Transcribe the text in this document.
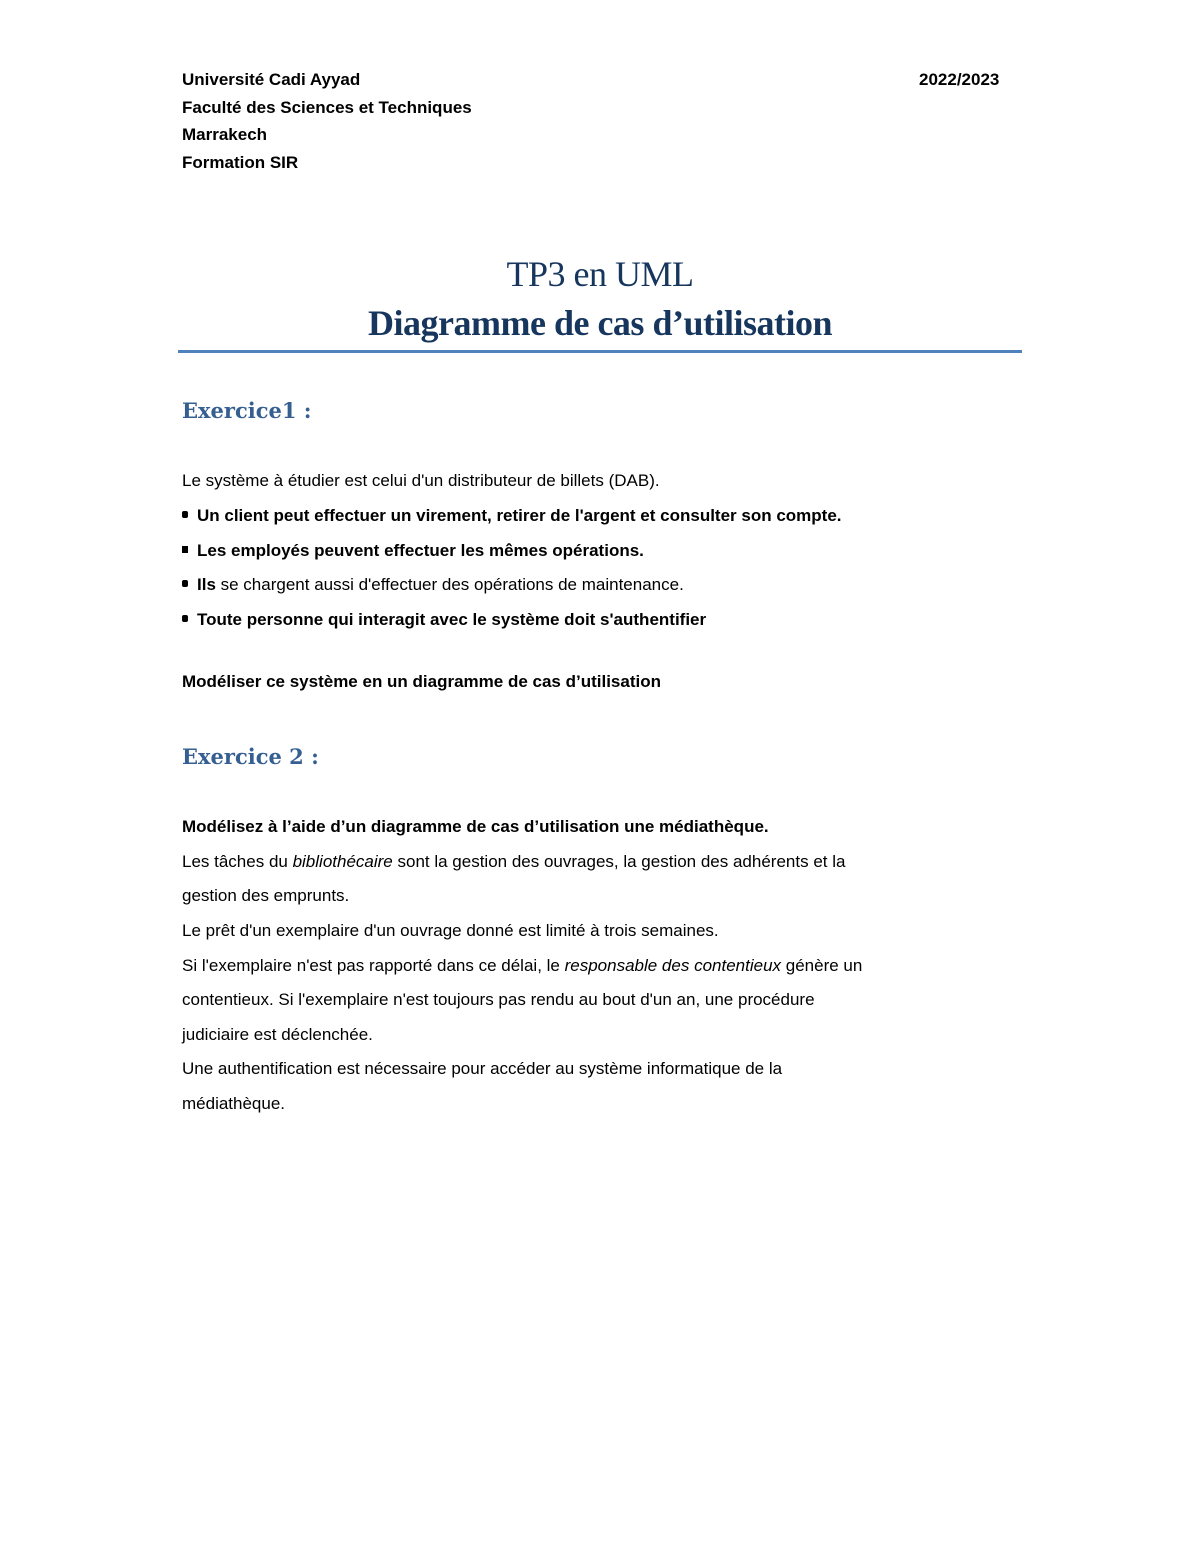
Université Cadi Ayyad
Faculté des Sciences et Techniques
Marrakech
Formation SIR
2022/2023
TP3 en UML
Diagramme de cas d’utilisation
Exercice1 :
Le système à étudier est celui d'un distributeur de billets (DAB).
Un client peut effectuer un virement, retirer de l'argent et consulter son compte.
Les employés peuvent effectuer les mêmes opérations.
Ils se chargent aussi d'effectuer des opérations de maintenance.
Toute personne qui interagit avec le système doit s'authentifier
Modéliser ce système en un diagramme de cas d’utilisation
Exercice 2 :
Modélisez à l’aide d’un diagramme de cas d’utilisation une médiathèque.
Les tâches du bibliothécaire sont la gestion des ouvrages, la gestion des adhérents et la
gestion des emprunts.
Le prêt d'un exemplaire d'un ouvrage donné est limité à trois semaines.
Si l'exemplaire n'est pas rapporté dans ce délai, le responsable des contentieux génère un
contentieux. Si l'exemplaire n'est toujours pas rendu au bout d'un an, une procédure
judiciaire est déclenchée.
Une authentification est nécessaire pour accéder au système informatique de la
médiathèque.
